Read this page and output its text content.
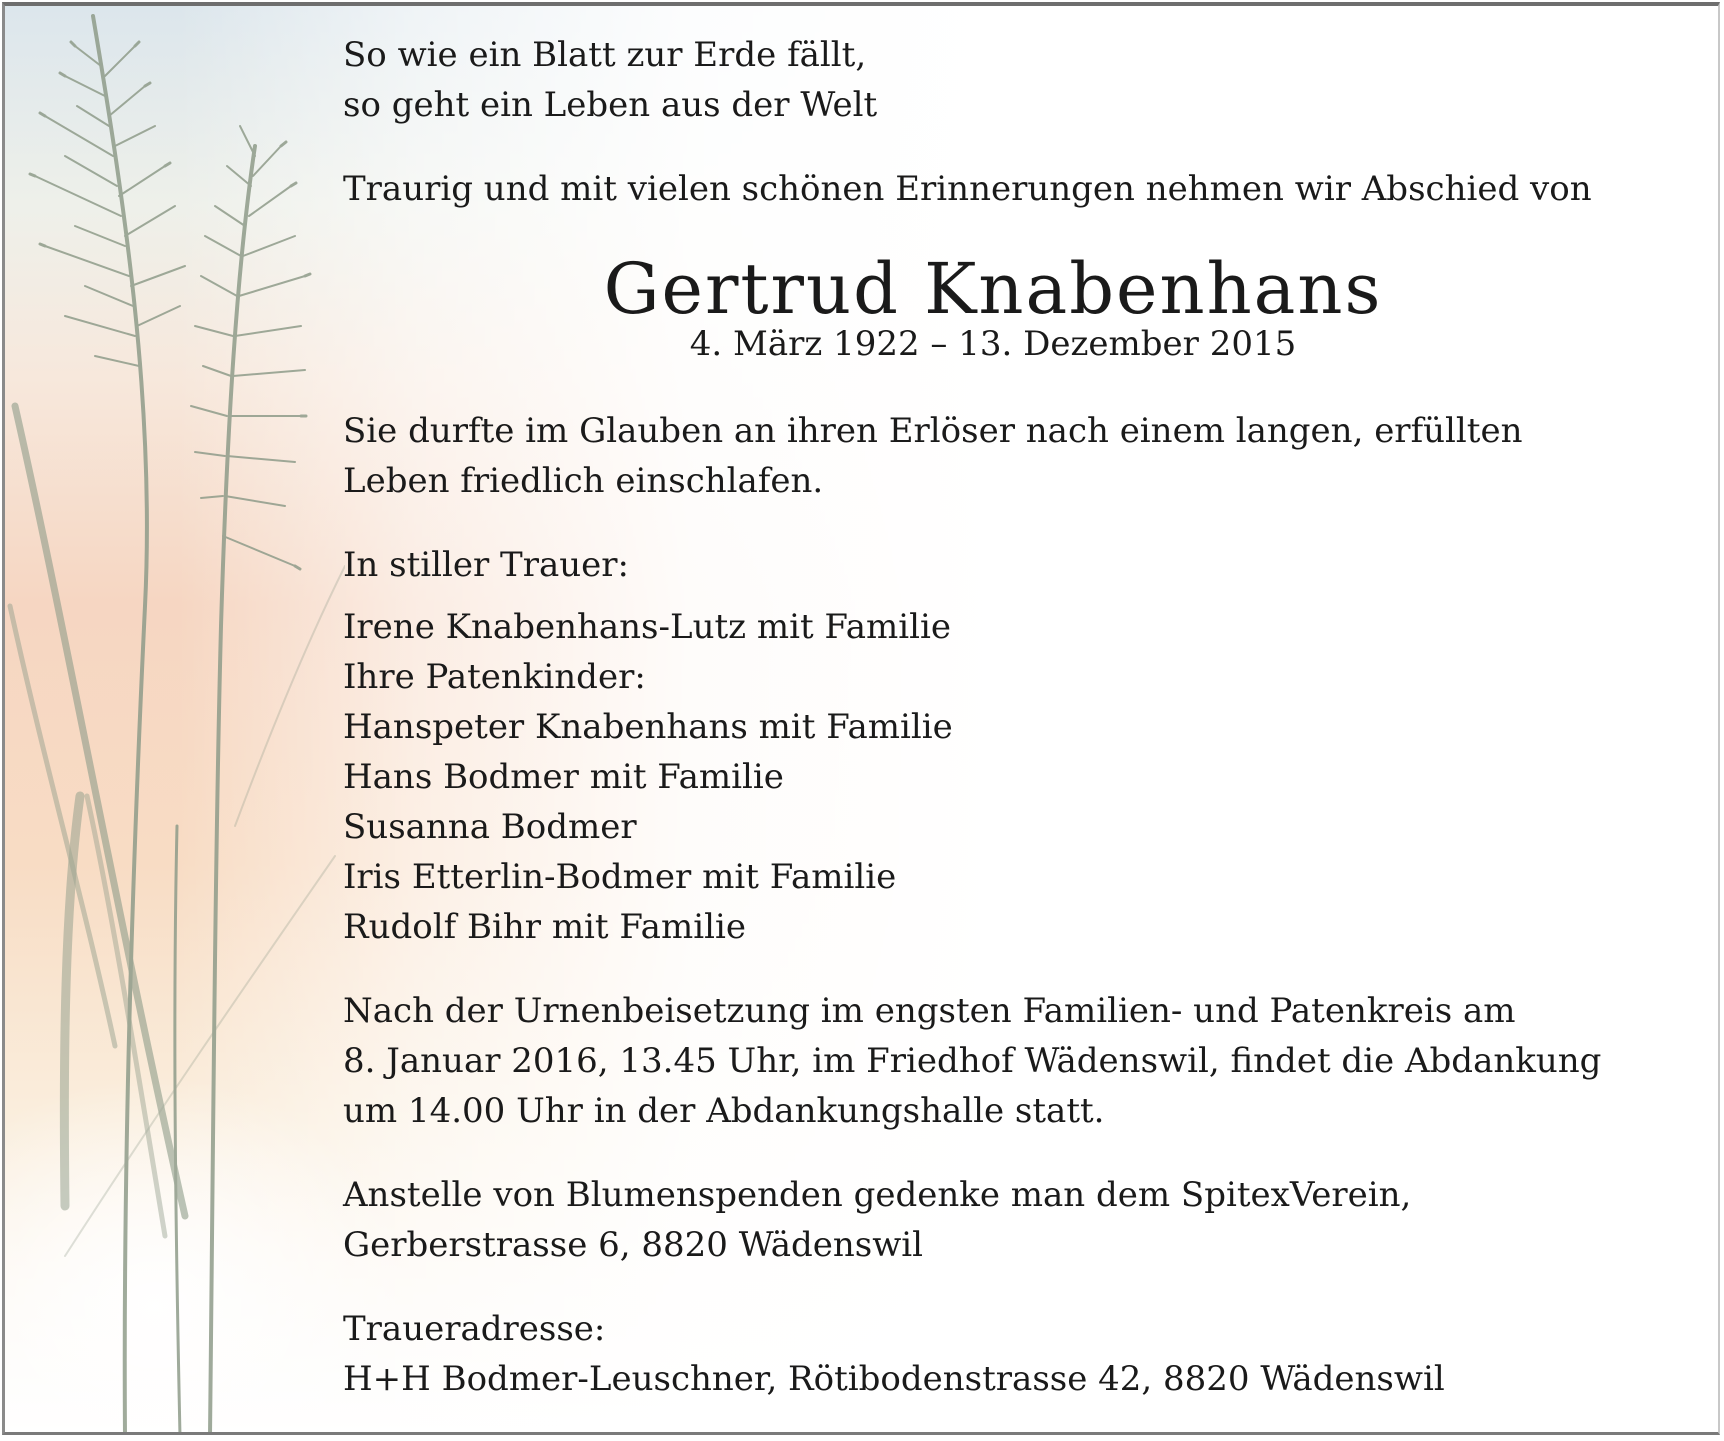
So wie ein Blatt zur Erde fällt,

so geht ein Leben aus der Welt

Traurig und mit vielen schönen Erinnerungen nehmen wir Abschied von

Gertrud Knabenhans
4. März 1922 – 13. Dezember 2015

Sie durfte im Glauben an ihren Erlöser nach einem langen, erfüllten

Leben friedlich einschlafen.

In stiller Trauer:

Irene Knabenhans-Lutz mit Familie

Ihre Patenkinder:

Hanspeter Knabenhans mit Familie

Hans Bodmer mit Familie

Susanna Bodmer

Iris Etterlin-Bodmer mit Familie

Rudolf Bihr mit Familie

Nach der Urnenbeisetzung im engsten Familien- und Patenkreis am

8. Januar 2016, 13.45 Uhr, im Friedhof Wädenswil, findet die Abdankung

um 14.00 Uhr in der Abdankungshalle statt.

Anstelle von Blumenspenden gedenke man dem SpitexVerein,

Gerberstrasse 6, 8820 Wädenswil

Traueradresse:

H+H Bodmer-Leuschner, Rötibodenstrasse 42, 8820 Wädenswil
